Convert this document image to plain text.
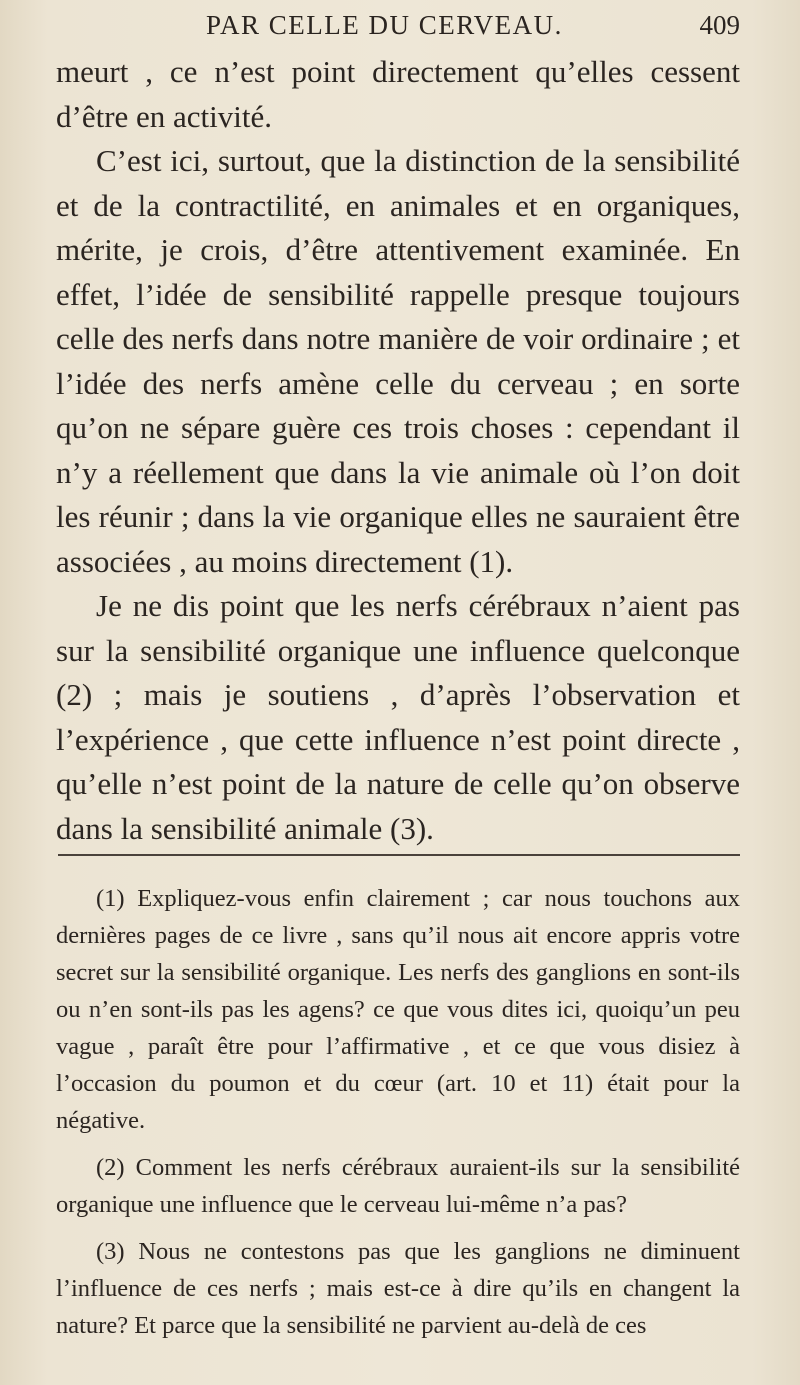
PAR CELLE DU CERVEAU.	409

meurt , ce n’est point directement qu’elles cessent d’être en activité.

C’est ici, surtout, que la distinction de la sensibilité et de la contractilité, en animales et en organiques, mérite, je crois, d’être attentivement examinée. En effet, l’idée de sensibilité rappelle presque toujours celle des nerfs dans notre manière de voir ordinaire ; et l’idée des nerfs amène celle du cerveau ; en sorte qu’on ne sépare guère ces trois choses : cependant il n’y a réellement que dans la vie animale où l’on doit les réunir ; dans la vie organique elles ne sauraient être associées , au moins directement (1).

Je ne dis point que les nerfs cérébraux n’aient pas sur la sensibilité organique une influence quelconque (2) ; mais je soutiens , d’après l’observation et l’expérience , que cette influence n’est point directe , qu’elle n’est point de la nature de celle qu’on observe dans la sensibilité animale (3).

(1) Expliquez-vous enfin clairement ; car nous touchons aux dernières pages de ce livre , sans qu’il nous ait encore appris votre secret sur la sensibilité organique. Les nerfs des ganglions en sont-ils ou n’en sont-ils pas les agens? ce que vous dites ici, quoiqu’un peu vague , paraît être pour l’affirmative , et ce que vous disiez à l’occasion du poumon et du cœur (art. 10 et 11) était pour la négative.

(2) Comment les nerfs cérébraux auraient-ils sur la sensibilité organique une influence que le cerveau lui-même n’a pas?

(3) Nous ne contestons pas que les ganglions ne diminuent l’influence de ces nerfs ; mais est-ce à dire qu’ils en changent la nature? Et parce que la sensibilité ne parvient au-delà de ces
